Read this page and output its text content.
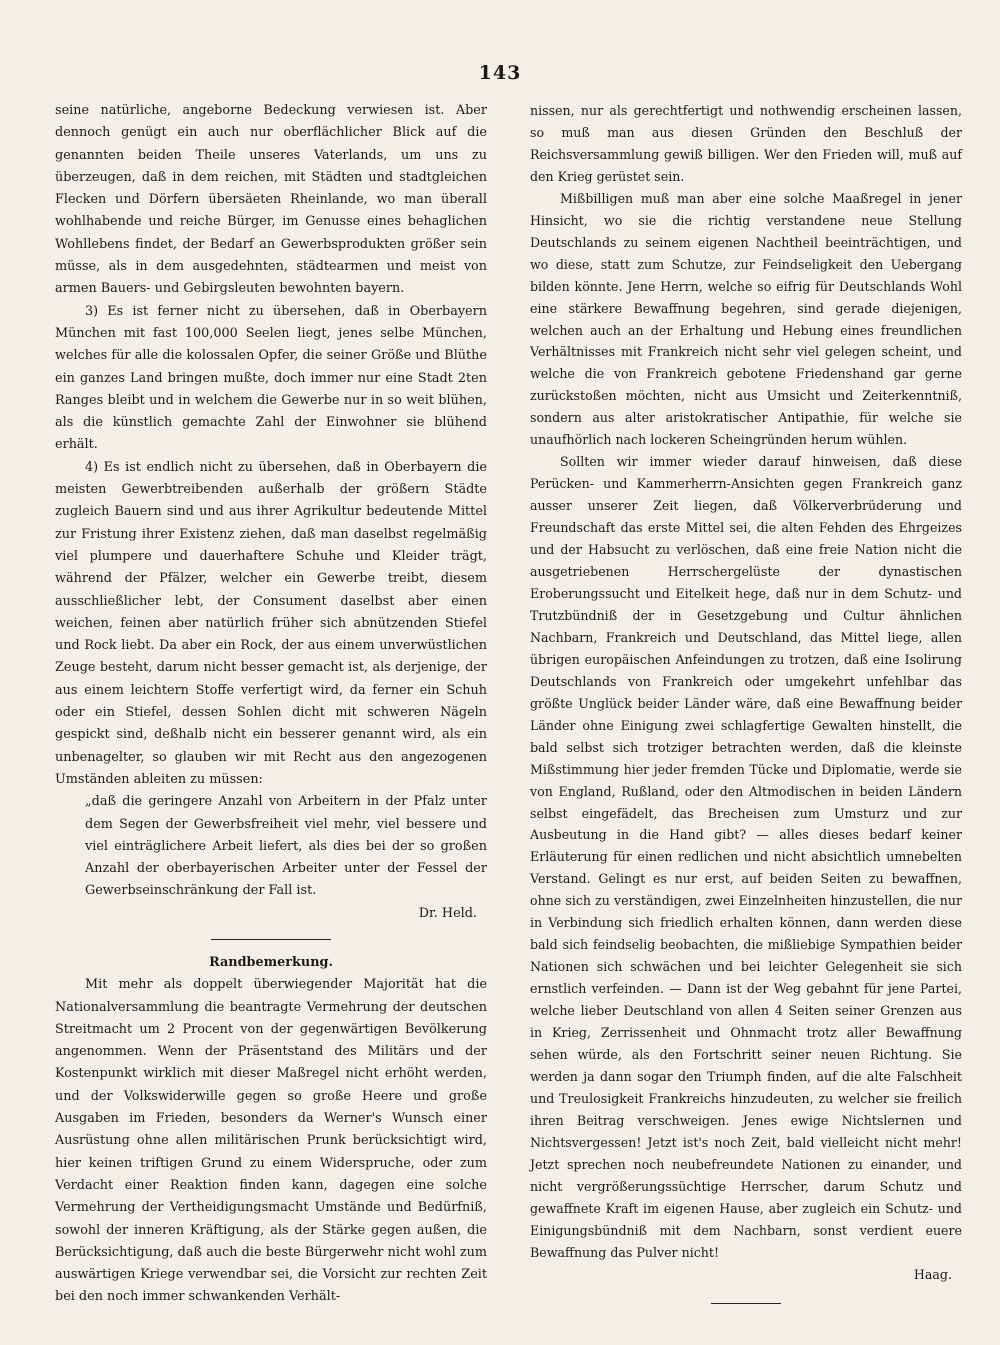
143

seine natürliche, angeborne Bedeckung verwiesen ist. Aber dennoch genügt ein auch nur oberflächlicher Blick auf die genannten beiden Theile unseres Vaterlands, um uns zu überzeugen, daß in dem reichen, mit Städten und stadtgleichen Flecken und Dörfern übersäeten Rheinlande, wo man überall wohlhabende und reiche Bürger, im Genusse eines behaglichen Wohllebens findet, der Bedarf an Gewerbsprodukten größer sein müsse, als in dem ausgedehnten, städtearmen und meist von armen Bauers- und Gebirgsleuten bewohnten bayern.

3) Es ist ferner nicht zu übersehen, daß in Oberbayern München mit fast 100,000 Seelen liegt, jenes selbe München, welches für alle die kolossalen Opfer, die seiner Größe und Blüthe ein ganzes Land bringen mußte, doch immer nur eine Stadt 2ten Ranges bleibt und in welchem die Gewerbe nur in so weit blühen, als die künstlich gemachte Zahl der Einwohner sie blühend erhält.

4) Es ist endlich nicht zu übersehen, daß in Oberbayern die meisten Gewerbtreibenden außerhalb der größern Städte zugleich Bauern sind und aus ihrer Agrikultur bedeutende Mittel zur Fristung ihrer Existenz ziehen, daß man daselbst regelmäßig viel plumpere und dauerhaftere Schuhe und Kleider trägt, während der Pfälzer, welcher ein Gewerbe treibt, diesem ausschließlicher lebt, der Consument daselbst aber einen weichen, feinen aber natürlich früher sich abnützenden Stiefel und Rock liebt. Da aber ein Rock, der aus einem unverwüstlichen Zeuge besteht, darum nicht besser gemacht ist, als derjenige, der aus einem leichtern Stoffe verfertigt wird, da ferner ein Schuh oder ein Stiefel, dessen Sohlen dicht mit schweren Nägeln gespickt sind, deßhalb nicht ein besserer genannt wird, als ein unbenagelter, so glauben wir mit Recht aus den angezogenen Umständen ableiten zu müssen:

„daß die geringere Anzahl von Arbeitern in der Pfalz unter dem Segen der Gewerbsfreiheit viel mehr, viel bessere und viel einträglichere Arbeit liefert, als dies bei der so großen Anzahl der oberbayerischen Arbeiter unter der Fessel der Gewerbseinschränkung der Fall ist.

Dr. Held.

Randbemerkung.

Mit mehr als doppelt überwiegender Majorität hat die Nationalversammlung die beantragte Vermehrung der deutschen Streitmacht um 2 Procent von der gegenwärtigen Bevölkerung angenommen. Wenn der Präsentstand des Militärs und der Kostenpunkt wirklich mit dieser Maßregel nicht erhöht werden, und der Volkswiderwille gegen so große Heere und große Ausgaben im Frieden, besonders da Werner's Wunsch einer Ausrüstung ohne allen militärischen Prunk berücksichtigt wird, hier keinen triftigen Grund zu einem Widerspruche, oder zum Verdacht einer Reaktion finden kann, dagegen eine solche Vermehrung der Vertheidigungsmacht Umstände und Bedürfniß, sowohl der inneren Kräftigung, als der Stärke gegen außen, die Berücksichtigung, daß auch die beste Bürgerwehr nicht wohl zum auswärtigen Kriege verwendbar sei, die Vorsicht zur rechten Zeit bei den noch immer schwankenden Verhält-

nissen, nur als gerechtfertigt und nothwendig erscheinen lassen, so muß man aus diesen Gründen den Beschluß der Reichsversammlung gewiß billigen. Wer den Frieden will, muß auf den Krieg gerüstet sein.

Mißbilligen muß man aber eine solche Maaßregel in jener Hinsicht, wo sie die richtig verstandene neue Stellung Deutschlands zu seinem eigenen Nachtheil beeinträchtigen, und wo diese, statt zum Schutze, zur Feindseligkeit den Uebergang bilden könnte. Jene Herrn, welche so eifrig für Deutschlands Wohl eine stärkere Bewaffnung begehren, sind gerade diejenigen, welchen auch an der Erhaltung und Hebung eines freundlichen Verhältnisses mit Frankreich nicht sehr viel gelegen scheint, und welche die von Frankreich gebotene Friedenshand gar gerne zurückstoßen möchten, nicht aus Umsicht und Zeiterkenntniß, sondern aus alter aristokratischer Antipathie, für welche sie unaufhörlich nach lockeren Scheingründen herum wühlen.

Sollten wir immer wieder darauf hinweisen, daß diese Perücken- und Kammerherrn-Ansichten gegen Frankreich ganz ausser unserer Zeit liegen, daß Völkerverbrüderung und Freundschaft das erste Mittel sei, die alten Fehden des Ehrgeizes und der Habsucht zu verlöschen, daß eine freie Nation nicht die ausgetriebenen Herrschergelüste der dynastischen Eroberungssucht und Eitelkeit hege, daß nur in dem Schutz- und Trutzbündniß der in Gesetzgebung und Cultur ähnlichen Nachbarn, Frankreich und Deutschland, das Mittel liege, allen übrigen europäischen Anfeindungen zu trotzen, daß eine Isolirung Deutschlands von Frankreich oder umgekehrt unfehlbar das größte Unglück beider Länder wäre, daß eine Bewaffnung beider Länder ohne Einigung zwei schlagfertige Gewalten hinstellt, die bald selbst sich trotziger betrachten werden, daß die kleinste Mißstimmung hier jeder fremden Tücke und Diplomatie, werde sie von England, Rußland, oder den Altmodischen in beiden Ländern selbst eingefädelt, das Brecheisen zum Umsturz und zur Ausbeutung in die Hand gibt? — alles dieses bedarf keiner Erläuterung für einen redlichen und nicht absichtlich umnebelten Verstand. Gelingt es nur erst, auf beiden Seiten zu bewaffnen, ohne sich zu verständigen, zwei Einzelnheiten hinzustellen, die nur in Verbindung sich friedlich erhalten können, dann werden diese bald sich feindselig beobachten, die mißliebige Sympathien beider Nationen sich schwächen und bei leichter Gelegenheit sie sich ernstlich verfeinden. — Dann ist der Weg gebahnt für jene Partei, welche lieber Deutschland von allen 4 Seiten seiner Grenzen aus in Krieg, Zerrissenheit und Ohnmacht trotz aller Bewaffnung sehen würde, als den Fortschritt seiner neuen Richtung. Sie werden ja dann sogar den Triumph finden, auf die alte Falschheit und Treulosigkeit Frankreichs hinzudeuten, zu welcher sie freilich ihren Beitrag verschweigen. Jenes ewige Nichtslernen und Nichtsvergessen! Jetzt ist's noch Zeit, bald vielleicht nicht mehr! Jetzt sprechen noch neubefreundete Nationen zu einander, und nicht vergrößerungssüchtige Herrscher, darum Schutz und gewaffnete Kraft im eigenen Hause, aber zugleich ein Schutz- und Einigungsbündniß mit dem Nachbarn, sonst verdient euere Bewaffnung das Pulver nicht!

Haag.
